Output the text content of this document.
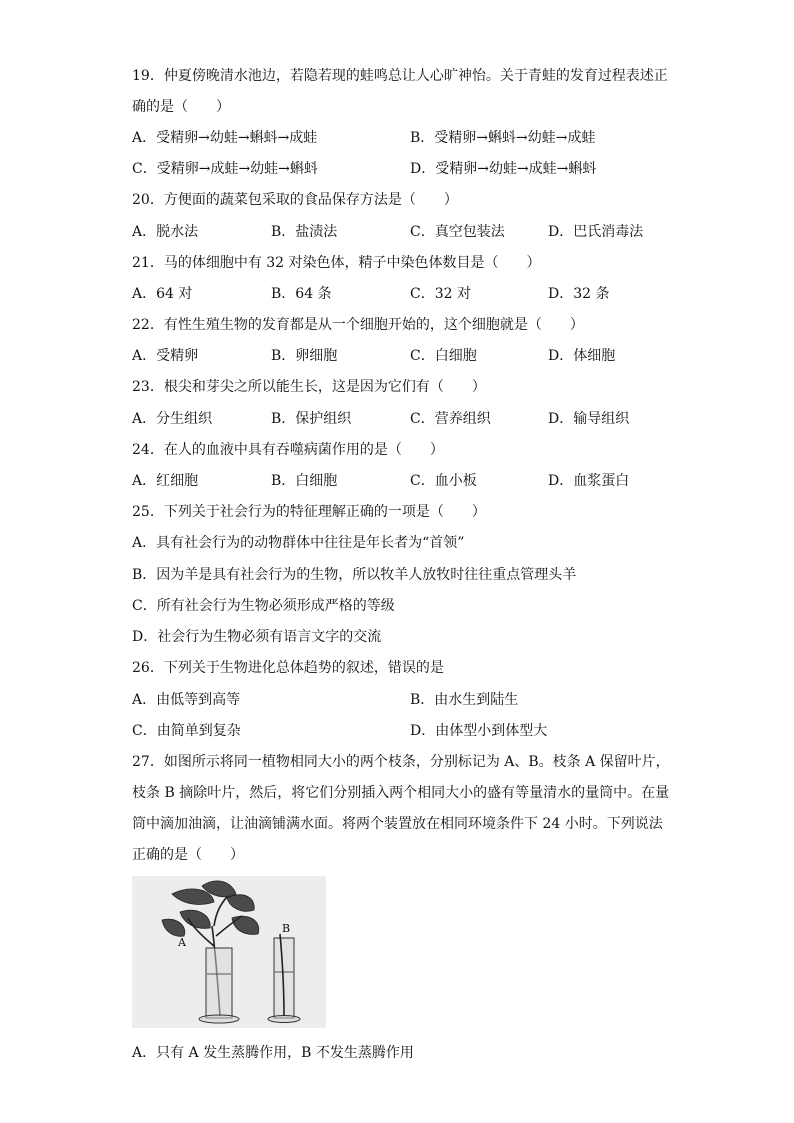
19．仲夏傍晚清水池边，若隐若现的蛙鸣总让人心旷神怡。关于青蛙的发育过程表述正
确的是（　　）
A．受精卵→幼蛙→蝌蚪→成蛙	B．受精卵→蝌蚪→幼蛙→成蛙
C．受精卵→成蛙→幼蛙→蝌蚪	D．受精卵→幼蛙→成蛙→蝌蚪
20．方便面的蔬菜包采取的食品保存方法是（　　）
A．脱水法	B．盐渍法	C．真空包装法	D．巴氏消毒法
21．马的体细胞中有 32 对染色体，精子中染色体数目是（　　）
A．64 对	B．64 条	C．32 对	D．32 条
22．有性生殖生物的发育都是从一个细胞开始的，这个细胞就是（　　）
A．受精卵	B．卵细胞	C．白细胞	D．体细胞
23．根尖和芽尖之所以能生长，这是因为它们有（　　）
A．分生组织	B．保护组织	C．营养组织	D．输导组织
24．在人的血液中具有吞噬病菌作用的是（　　）
A．红细胞	B．白细胞	C．血小板	D．血浆蛋白
25．下列关于社会行为的特征理解正确的一项是（　　）
A．具有社会行为的动物群体中往往是年长者为“首领”
B．因为羊是具有社会行为的生物，所以牧羊人放牧时往往重点管理头羊
C．所有社会行为生物必须形成严格的等级
D．社会行为生物必须有语言文字的交流
26．下列关于生物进化总体趋势的叙述，错误的是
A．由低等到高等	B．由水生到陆生
C．由简单到复杂	D．由体型小到体型大
27．如图所示将同一植物相同大小的两个枝条，分别标记为 A、B。枝条 A 保留叶片，
枝条 B 摘除叶片，然后，将它们分别插入两个相同大小的盛有等量清水的量筒中。在量
筒中滴加油滴，让油滴铺满水面。将两个装置放在相同环境条件下 24 小时。下列说法
正确的是（　　）
A
B
A．只有 A 发生蒸腾作用，B 不发生蒸腾作用
